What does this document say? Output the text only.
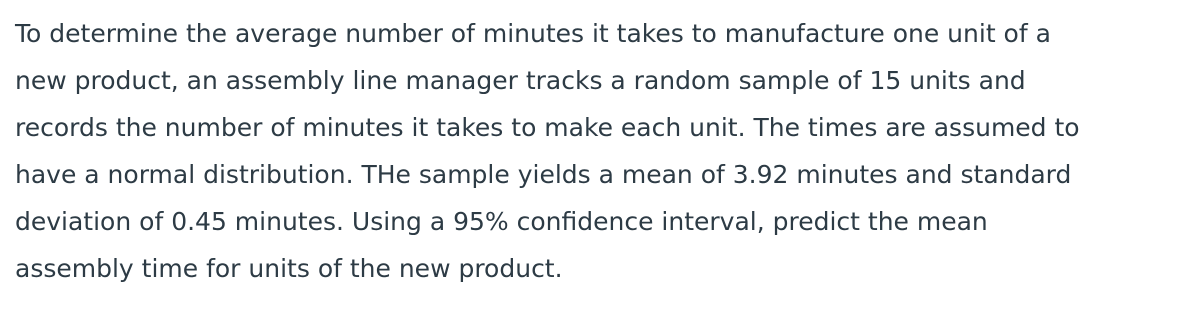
To determine the average number of minutes it takes to manufacture one unit of a
new product, an assembly line manager tracks a random sample of 15 units and
records the number of minutes it takes to make each unit. The times are assumed to
have a normal distribution. THe sample yields a mean of 3.92 minutes and standard
deviation of 0.45 minutes. Using a 95% confidence interval, predict the mean
assembly time for units of the new product.
